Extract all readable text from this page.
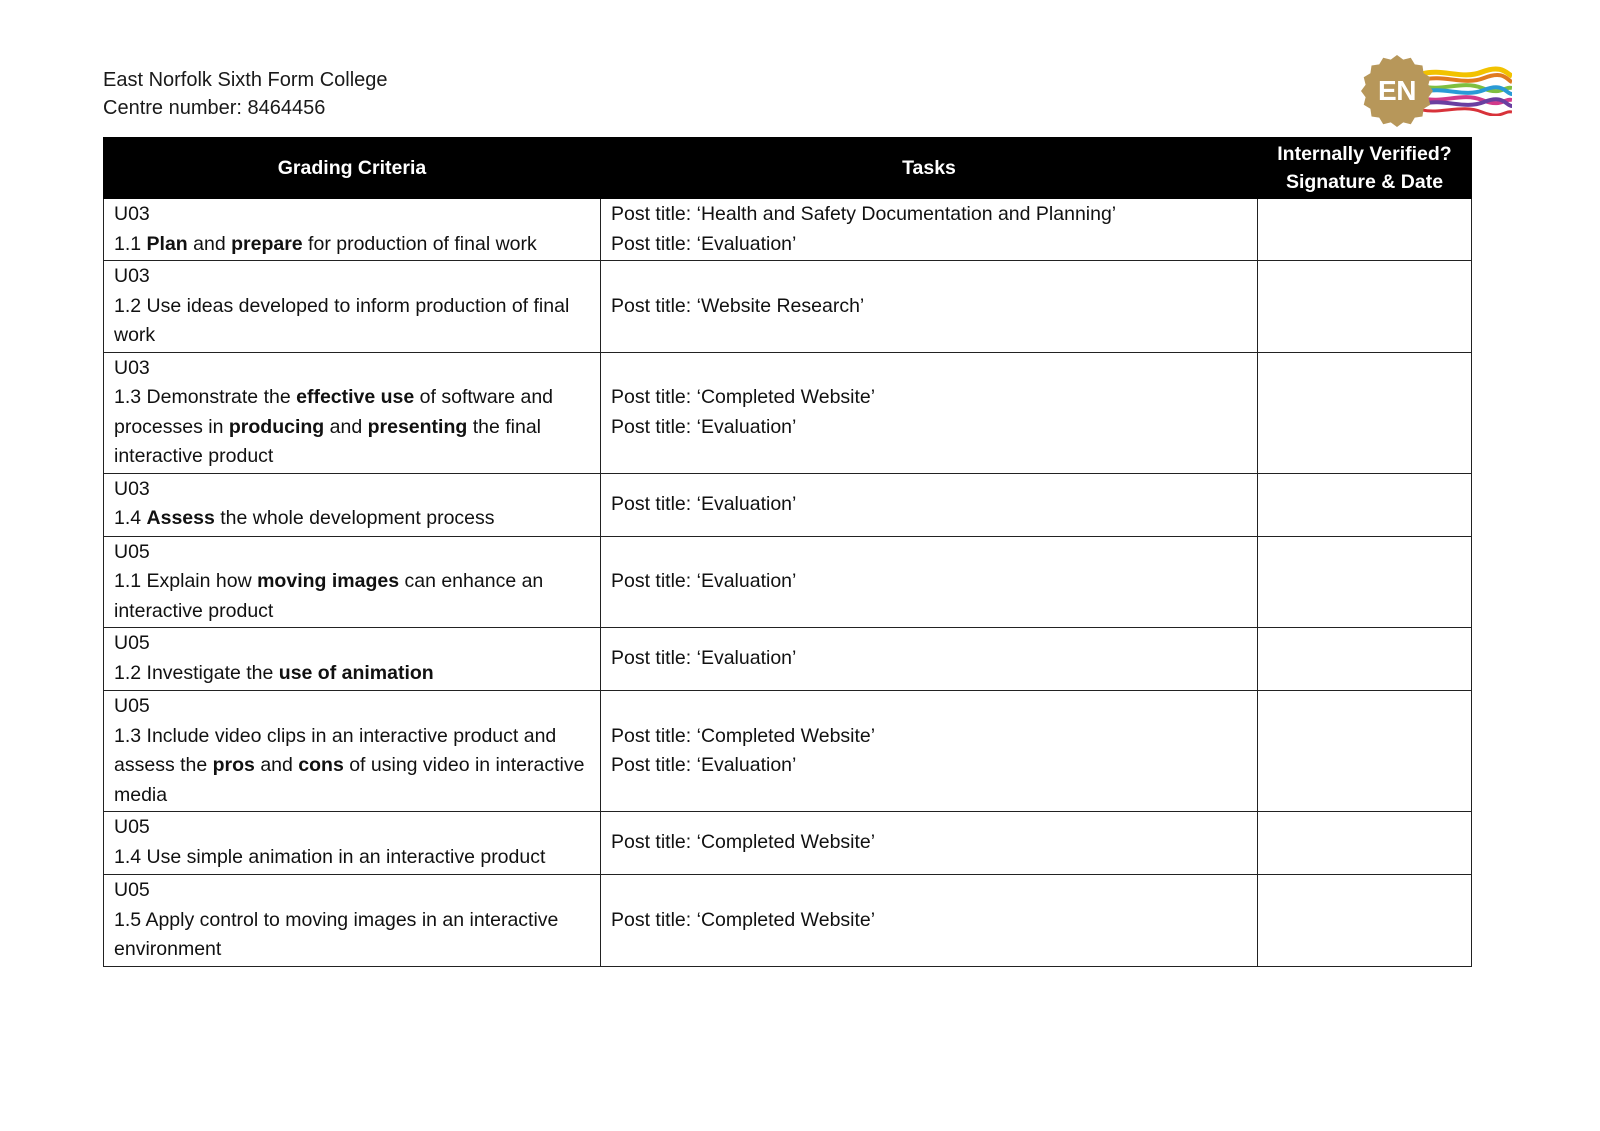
East Norfolk Sixth Form College
Centre number: 8464456
EN
Grading Criteria	Tasks	Internally Verified?
Signature & Date

U03
1.1 Plan and prepare for production of final work	Post title: ‘Health and Safety Documentation and Planning’
Post title: ‘Evaluation’	

U03
1.2 Use ideas developed to inform production of final work	Post title: ‘Website Research’	

U03
1.3 Demonstrate the effective use of software and processes in producing and presenting the final interactive product	Post title: ‘Completed Website’
Post title: ‘Evaluation’	

U03
1.4 Assess the whole development process	Post title: ‘Evaluation’	

U05
1.1 Explain how moving images can enhance an interactive product	Post title: ‘Evaluation’	

U05
1.2 Investigate the use of animation	Post title: ‘Evaluation’	

U05
1.3 Include video clips in an interactive product and assess the pros and cons of using video in interactive media	Post title: ‘Completed Website’
Post title: ‘Evaluation’	

U05
1.4 Use simple animation in an interactive product	Post title: ‘Completed Website’	

U05
1.5 Apply control to moving images in an interactive environment	Post title: ‘Completed Website’	
